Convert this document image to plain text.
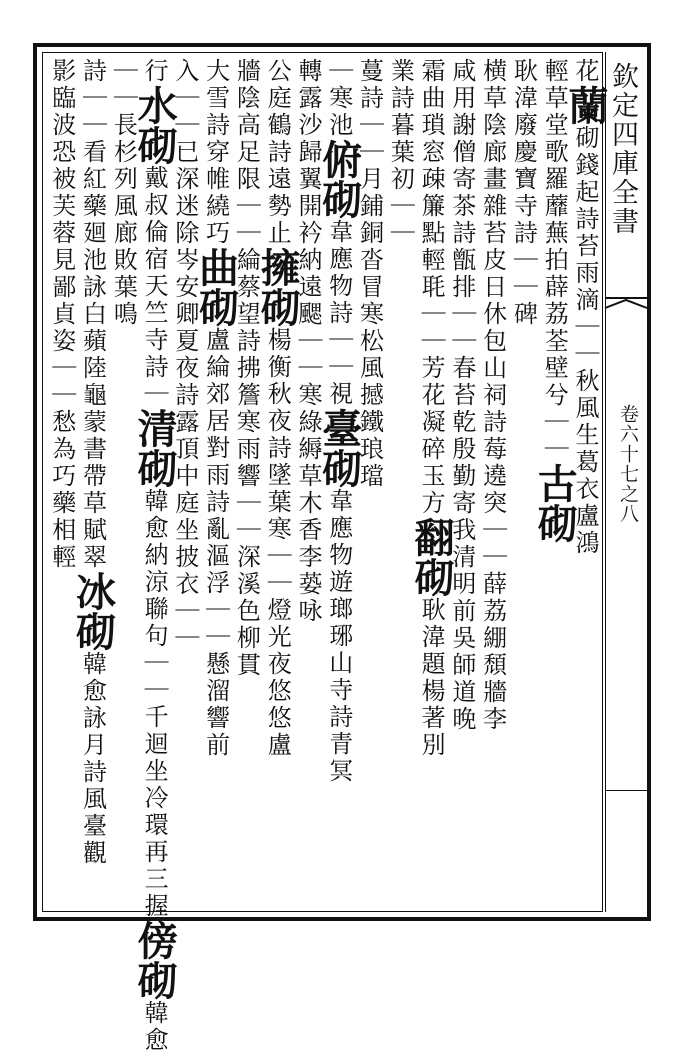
欽定四庫全書
卷六十七之八
花蘭砌錢起詩苔雨滴｜｜秋風生葛衣盧鴻
輕草堂歌羅蘼蕪拍薜荔荃壁兮｜｜古砌
耿湋廢慶寶寺詩｜｜碑
横草陰廊畫雜苔皮日休包山祠詩莓遶突｜｜薛荔綳頹牆李
咸用謝僧寄茶詩甑排｜｜春苔乾殷勤寄我清明前吳師道晚
霜曲瑣窓疎簾點輕毦｜｜芳花凝碎玉方翻砌耿湋題楊著別
業詩暮葉初｜｜
蔓詩｜｜月鋪銅沓冒寒松風撼鐵琅璫
｜寒池俯砌韋應物詩｜｜視臺砌韋應物遊瑯琊山寺詩青冥
轉露沙歸翼開衿納遠颸｜｜寒綠縟草木香李蒆咏
公庭鶴詩遠勢止擁砌楊衡秋夜詩墜葉寒｜｜燈光夜悠悠盧
牆陰高足限｜｜綸蔡望詩拂簷寒雨響｜｜深溪色柳貫
大雪詩穿帷繞巧曲砌盧綸郊居對雨詩亂漚浮｜｜懸溜響前
入｜｜已深迷除岑安卿夏夜詩露頂中庭坐披衣｜｜
行水砌戴叔倫宿天竺寺詩｜清砌韓愈納涼聯句｜｜千迴坐冷環再三握傍砌韓愈
｜｜長杉列風廊敗葉鳴
詩｜｜看紅藥廻池詠白蘋陸龜蒙書帶草賦翠冰砌韓愈詠月詩風臺觀
影臨波恐被芙蓉見鄙貞姿｜｜愁為巧藥相輕
